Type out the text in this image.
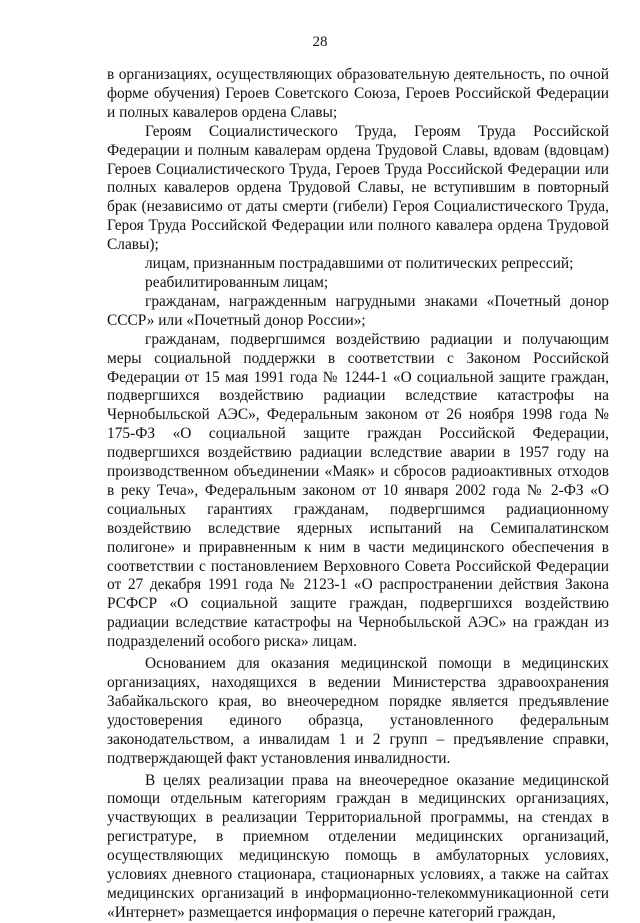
28

в организациях, осуществляющих образовательную деятельность, по очной форме обучения) Героев Советского Союза, Героев Российской Федерации и полных кавалеров ордена Славы;

Героям Социалистического Труда, Героям Труда Российской Федерации и полным кавалерам ордена Трудовой Славы, вдовам (вдовцам) Героев Социалистического Труда, Героев Труда Российской Федерации или полных кавалеров ордена Трудовой Славы, не вступившим в повторный брак (независимо от даты смерти (гибели) Героя Социалистического Труда, Героя Труда Российской Федерации или полного кавалера ордена Трудовой Славы);

лицам, признанным пострадавшими от политических репрессий;

реабилитированным лицам;

гражданам, награжденным нагрудными знаками «Почетный донор СССР» или «Почетный донор России»;

гражданам, подвергшимся воздействию радиации и получающим меры социальной поддержки в соответствии с Законом Российской Федерации от 15 мая 1991 года № 1244-1 «О социальной защите граждан, подвергшихся воздействию радиации вследствие катастрофы на Чернобыльской АЭС», Федеральным законом от 26 ноября 1998 года № 175-ФЗ «О социальной защите граждан Российской Федерации, подвергшихся воздействию радиации вследствие аварии в 1957 году на производственном объединении «Маяк» и сбросов радиоактивных отходов в реку Теча», Федеральным законом от 10 января 2002 года № 2-ФЗ «О социальных гарантиях гражданам, подвергшимся радиационному воздействию вследствие ядерных испытаний на Семипалатинском полигоне» и приравненным к ним в части медицинского обеспечения в соответствии с постановлением Верховного Совета Российской Федерации от 27 декабря 1991 года № 2123-1 «О распространении действия Закона РСФСР «О социальной защите граждан, подвергшихся воздействию радиации вследствие катастрофы на Чернобыльской АЭС» на граждан из подразделений особого риска» лицам.

Основанием для оказания медицинской помощи в медицинских организациях, находящихся в ведении Министерства здравоохранения Забайкальского края, во внеочередном порядке является предъявление удостоверения единого образца, установленного федеральным законодательством, а инвалидам 1 и 2 групп – предъявление справки, подтверждающей факт установления инвалидности.

В целях реализации права на внеочередное оказание медицинской помощи отдельным категориям граждан в медицинских организациях, участвующих в реализации Территориальной программы, на стендах в регистратуре, в приемном отделении медицинских организаций, осуществляющих медицинскую помощь в амбулаторных условиях, условиях дневного стационара, стационарных условиях, а также на сайтах медицинских организаций в информационно-телекоммуникационной сети «Интернет» размещается информация о перечне категорий граждан,
